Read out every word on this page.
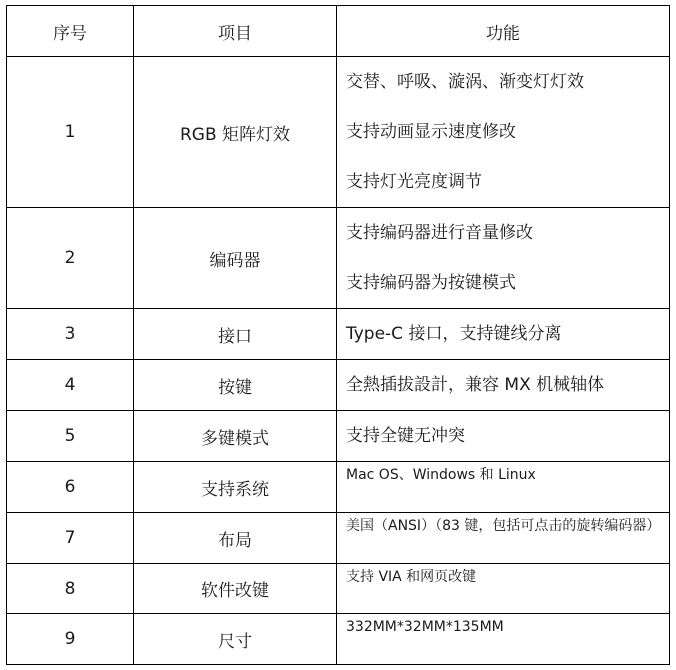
序号	项目	功能
1	RGB 矩阵灯效	交替、呼吸、漩涡、渐变灯灯效

支持动画显示速度修改

支持灯光亮度调节

2	编码器	支持编码器进行音量修改

支持编码器为按键模式

3	接口	Type-C 接口，支持键线分离

4	按键	全熱插拔設計，兼容 MX 机械轴体

5	多键模式	支持全键无冲突

6	支持系统	Mac OS、Windows 和 Linux

7	布局	美国（ANSI）（83 键，包括可点击的旋转编码器）

8	软件改键	支持 VIA 和网页改键

9	尺寸	332MM*32MM*135MM
